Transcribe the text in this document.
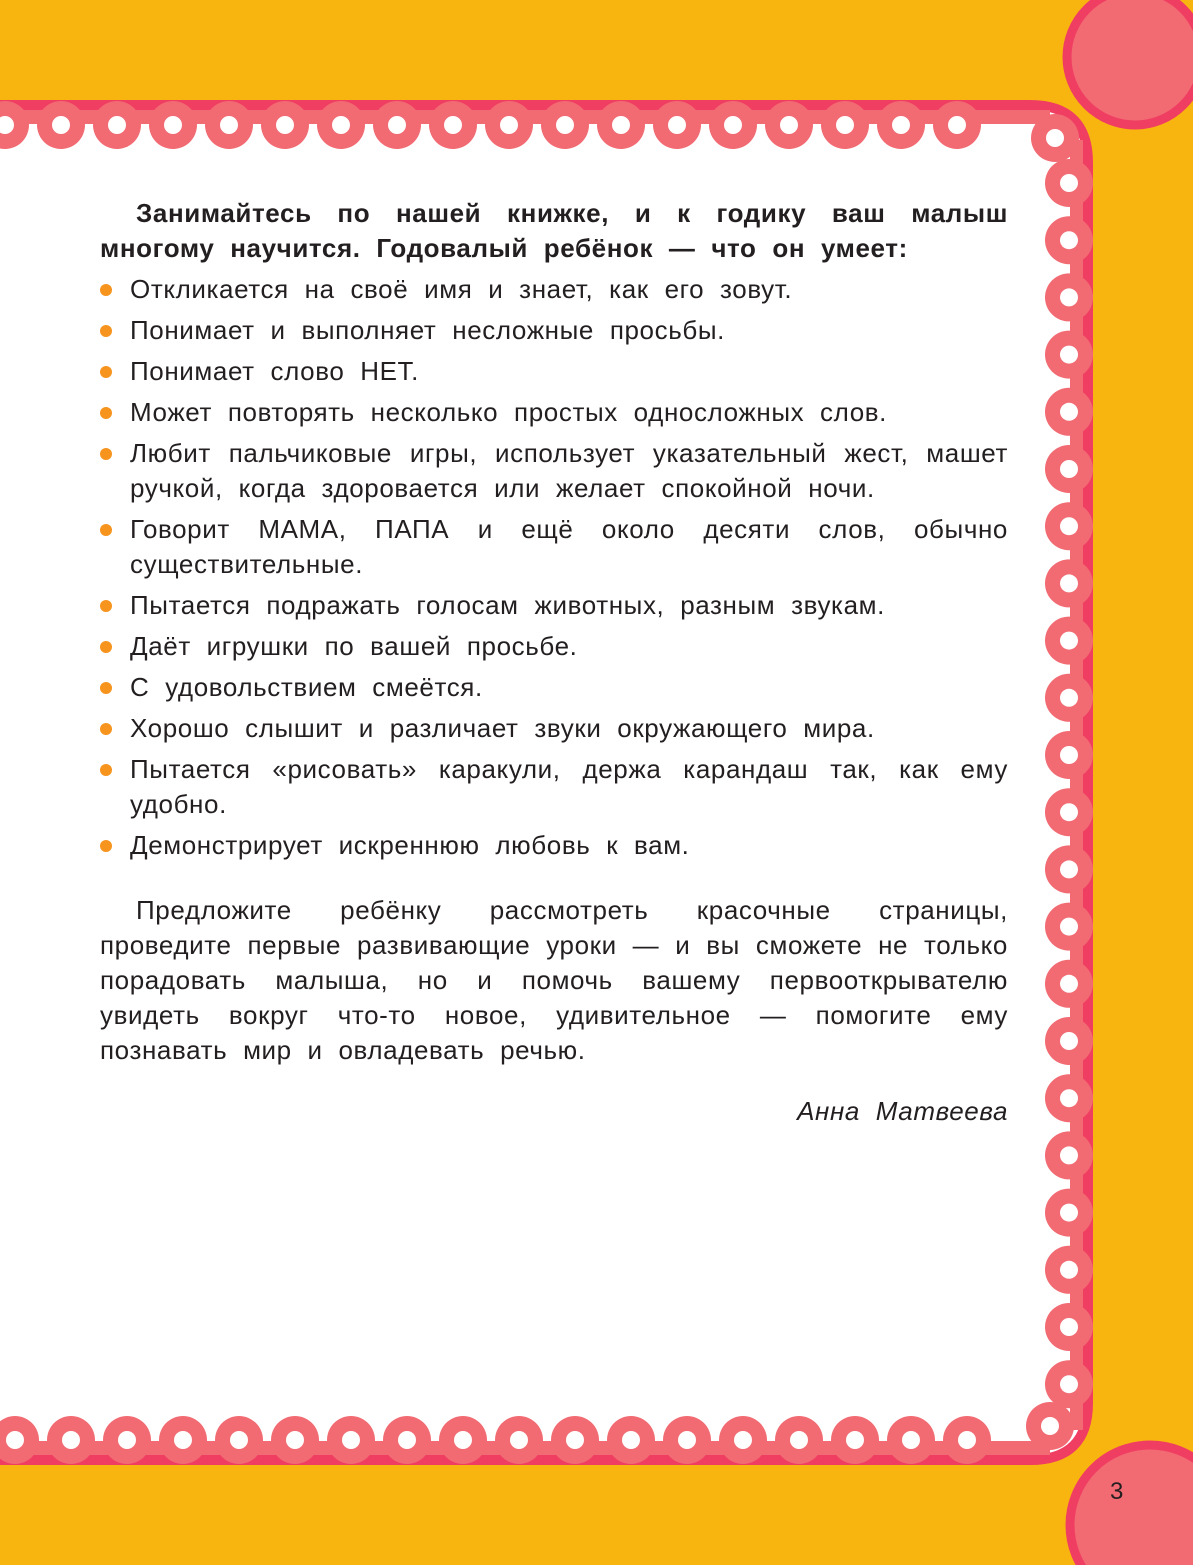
Занимайтесь по нашей книжке, и к годику ваш малыш многому научится. Годовалый ребёнок — что он умеет:

Откликается на своё имя и знает, как его зовут.
Понимает и выполняет несложные просьбы.
Понимает слово НЕТ.
Может повторять несколько простых односложных слов.
Любит пальчиковые игры, использует указательный жест, машет ручкой, когда здоровается или желает спокойной ночи.
Говорит МАМА, ПАПА и ещё около десяти слов, обычно существительные.
Пытается подражать голосам животных, разным звукам.
Даёт игрушки по вашей просьбе.
С удовольствием смеётся.
Хорошо слышит и различает звуки окружающего мира.
Пытается «рисовать» каракули, держа карандаш так, как ему удобно.
Демонстрирует искреннюю любовь к вам.

Предложите ребёнку рассмотреть красочные страницы, проведите первые развивающие уроки — и вы сможете не только порадовать малыша, но и помочь вашему первооткрывателю увидеть вокруг что-то новое, удивительное — помогите ему познавать мир и овладевать речью.

Анна Матвеева
3
